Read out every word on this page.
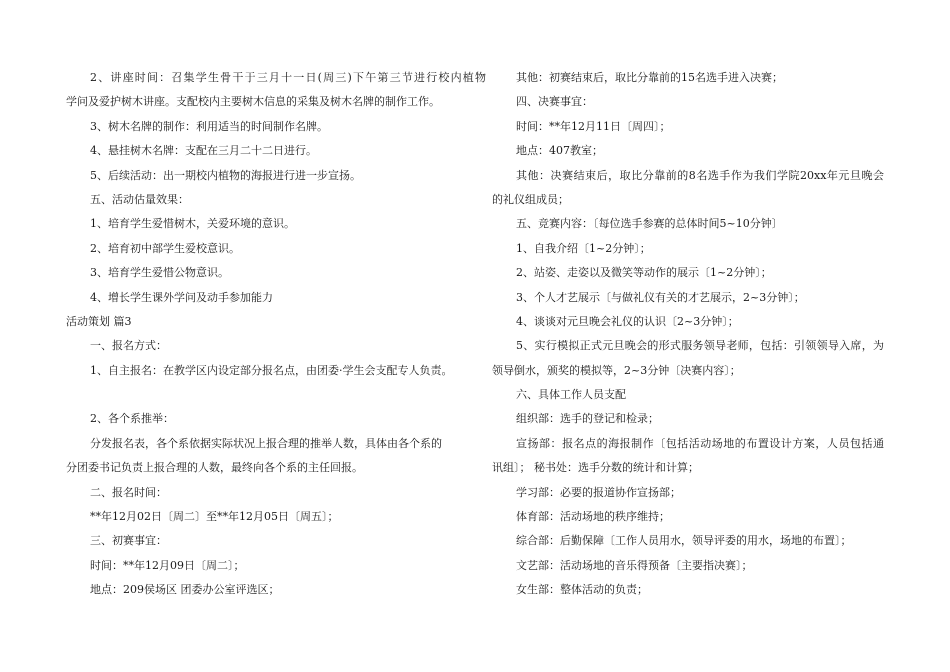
2、讲座时间：召集学生骨干于三月十一日(周三)下午第三节进行校内植物
学问及爱护树木讲座。支配校内主要树木信息的采集及树木名牌的制作工作。
3、树木名牌的制作：利用适当的时间制作名牌。
4、悬挂树木名牌：支配在三月二十二日进行。
5、后续活动：出一期校内植物的海报进行进一步宣扬。
五、活动估量效果：
1、培育学生爱惜树木，关爱环境的意识。
2、培育初中部学生爱校意识。
3、培育学生爱惜公物意识。
4、增长学生课外学问及动手参加能力
活动策划 篇3
一、报名方式：
1、自主报名：在教学区内设定部分报名点，由团委·学生会支配专人负责。
2、各个系推举：
分发报名表，各个系依据实际状况上报合理的推举人数，具体由各个系的
分团委书记负责上报合理的人数，最终向各个系的主任回报。
二、报名时间：
**年12月02日〔周二〕至**年12月05日〔周五〕；
三、初赛事宜：
时间：**年12月09日〔周二〕；
地点：209侯场区 团委办公室评选区；
其他：初赛结束后，取比分靠前的15名选手进入决赛；
四、决赛事宜：
时间：**年12月11日〔周四〕；
地点：407教室；
其他：决赛结束后，取比分靠前的8名选手作为我们学院20xx年元旦晚会
的礼仪组成员；
五、竞赛内容：〔每位选手参赛的总体时间5~10分钟〕
1、自我介绍〔1~2分钟〕；
2、站姿、走姿以及微笑等动作的展示〔1~2分钟〕；
3、个人才艺展示〔与做礼仪有关的才艺展示，2~3分钟〕；
4、谈谈对元旦晚会礼仪的认识〔2~3分钟〕；
5、实行模拟正式元旦晚会的形式服务领导老师，包括：引领领导入席，为
领导倒水，颁奖的模拟等，2~3分钟〔决赛内容〕；
六、具体工作人员支配
组织部：选手的登记和检录；
宣扬部：报名点的海报制作〔包括活动场地的布置设计方案，人员包括通
讯组〕； 秘书处：选手分数的统计和计算；
学习部：必要的报道协作宣扬部；
体育部：活动场地的秩序维持；
综合部：后勤保障〔工作人员用水，领导评委的用水，场地的布置〕；
文艺部：活动场地的音乐得预备〔主要指决赛〕；
女生部：整体活动的负责；
